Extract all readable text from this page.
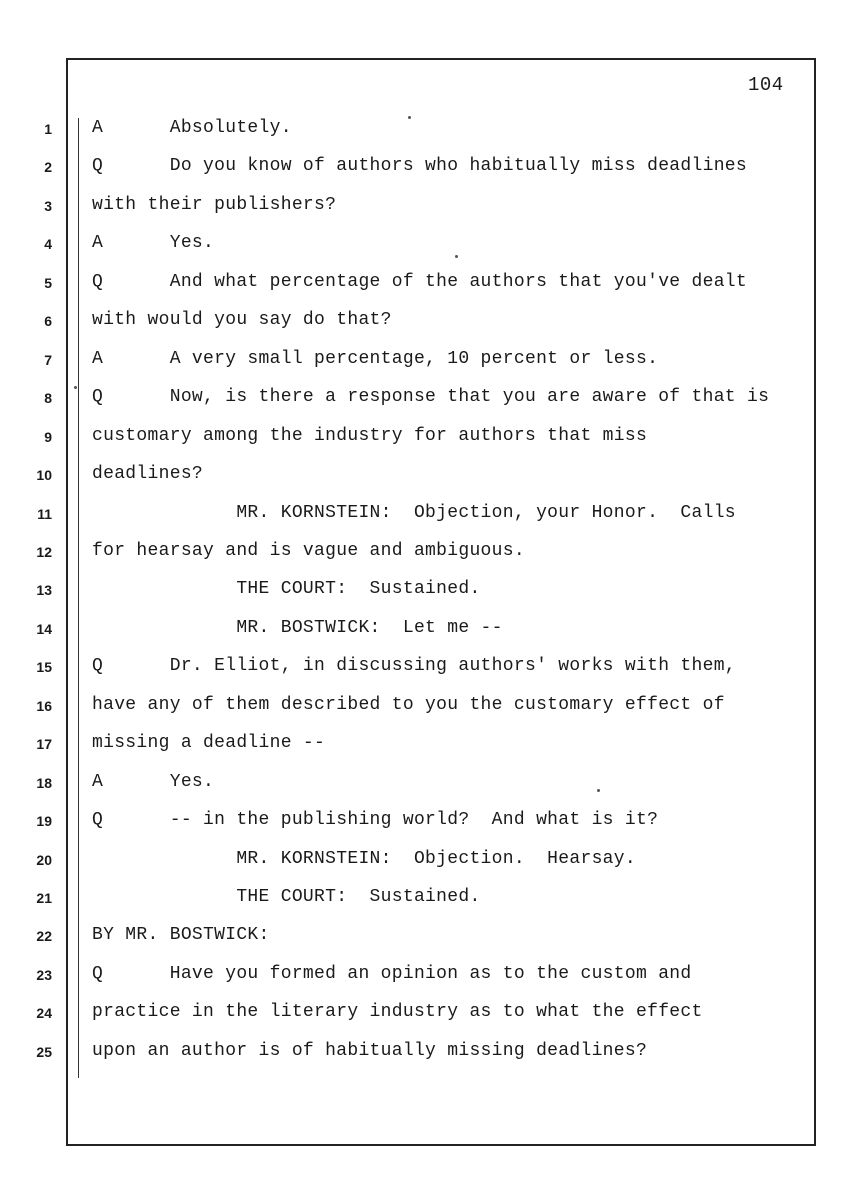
104
1 A      Absolutely.
2 Q      Do you know of authors who habitually miss deadlines
3 with their publishers?
4 A      Yes.
5 Q      And what percentage of the authors that you've dealt
6 with would you say do that?
7 A      A very small percentage, 10 percent or less.
8 Q      Now, is there a response that you are aware of that is
9 customary among the industry for authors that miss
10 deadlines?
11 MR. KORNSTEIN:  Objection, your Honor.  Calls
12 for hearsay and is vague and ambiguous.
13 THE COURT:  Sustained.
14 MR. BOSTWICK:  Let me --
15 Q      Dr. Elliot, in discussing authors' works with them,
16 have any of them described to you the customary effect of
17 missing a deadline --
18 A      Yes.
19 Q      -- in the publishing world?  And what is it?
20 MR. KORNSTEIN:  Objection.  Hearsay.
21 THE COURT:  Sustained.
22 BY MR. BOSTWICK:
23 Q      Have you formed an opinion as to the custom and
24 practice in the literary industry as to what the effect
25 upon an author is of habitually missing deadlines?
